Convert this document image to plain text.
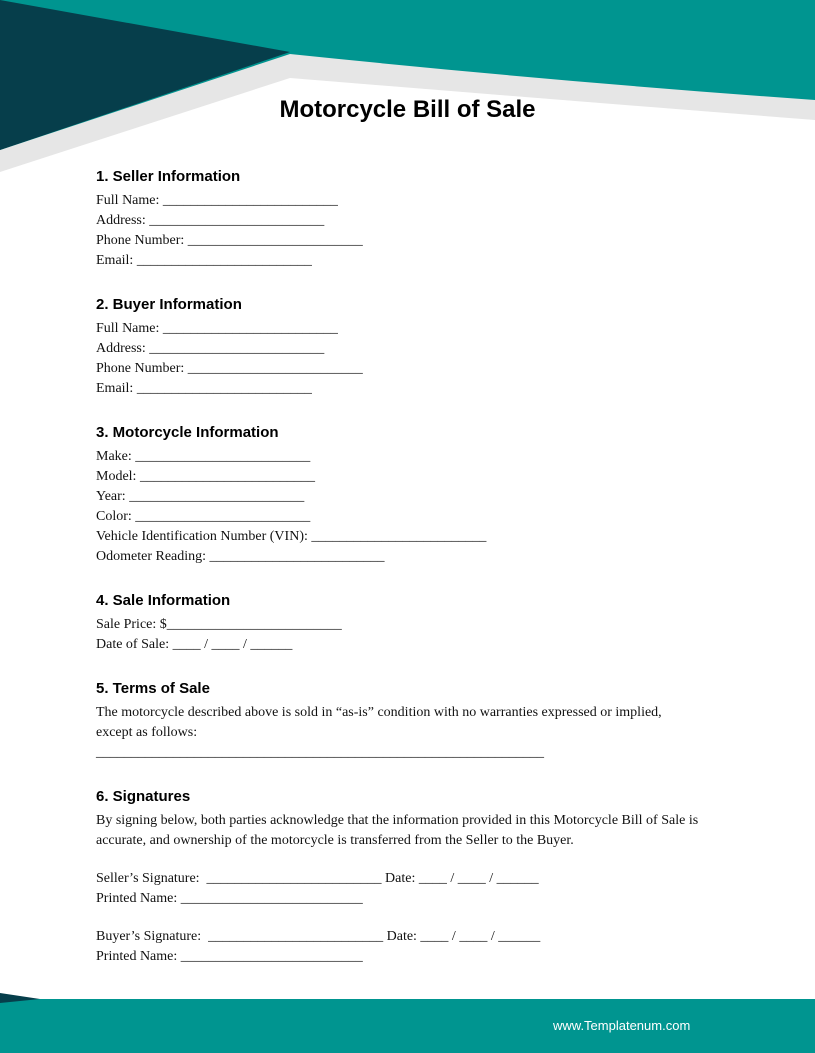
Motorcycle Bill of Sale
1. Seller Information
Full Name: _________________________
Address: _________________________
Phone Number: _________________________
Email: _________________________
2. Buyer Information
Full Name: _________________________
Address: _________________________
Phone Number: _________________________
Email: _________________________
3. Motorcycle Information
Make: _________________________
Model: _________________________
Year: _________________________
Color: _________________________
Vehicle Identification Number (VIN): _________________________
Odometer Reading: _________________________
4. Sale Information
Sale Price: $_________________________
Date of Sale: ____ / ____ / ______
5. Terms of Sale
The motorcycle described above is sold in “as-is” condition with no warranties expressed or implied, except as follows:
________________________________________________________________
6. Signatures
By signing below, both parties acknowledge that the information provided in this Motorcycle Bill of Sale is accurate, and ownership of the motorcycle is transferred from the Seller to the Buyer.
Seller’s Signature:  _________________________ Date: ____ / ____ / ______
Printed Name: __________________________
Buyer’s Signature:  _________________________ Date: ____ / ____ / ______
Printed Name: __________________________
www.Templatenum.com
